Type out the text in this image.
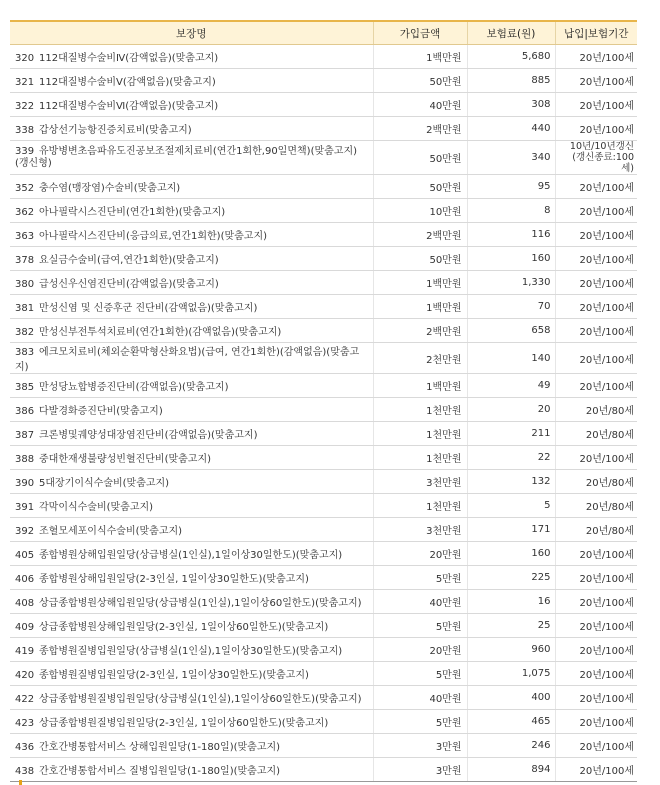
보장명	가입금액	보험료(원)	납입|보험기간
320 112대질병수술비Ⅳ(감액없음)(맞춤고지)	1백만원	5,680	20년/100세
321 112대질병수술비Ⅴ(감액없음)(맞춤고지)	50만원	885	20년/100세
322 112대질병수술비Ⅵ(감액없음)(맞춤고지)	40만원	308	20년/100세
338 갑상선기능항진증치료비(맞춤고지)	2백만원	440	20년/100세
339 유방병변초음파유도진공보조절제치료비(연간1회한,90일면책)(맞춤고지)(갱신형)	50만원	340	10년/10년갱신(갱신종료:100세)
352 충수염(맹장염)수술비(맞춤고지)	50만원	95	20년/100세
362 아나필락시스진단비(연간1회한)(맞춤고지)	10만원	8	20년/100세
363 아나필락시스진단비(응급의료,연간1회한)(맞춤고지)	2백만원	116	20년/100세
378 요실금수술비(급여,연간1회한)(맞춤고지)	50만원	160	20년/100세
380 급성신우신염진단비(감액없음)(맞춤고지)	1백만원	1,330	20년/100세
381 만성신염 및 신증후군 진단비(감액없음)(맞춤고지)	1백만원	70	20년/100세
382 만성신부전투석치료비(연간1회한)(감액없음)(맞춤고지)	2백만원	658	20년/100세
383 에크모치료비(체외순환막형산화요법)(급여, 연간1회한)(감액없음)(맞춤고지)	2천만원	140	20년/100세
385 만성당뇨합병증진단비(감액없음)(맞춤고지)	1백만원	49	20년/100세
386 다발경화증진단비(맞춤고지)	1천만원	20	20년/80세
387 크론병및궤양성대장염진단비(감액없음)(맞춤고지)	1천만원	211	20년/80세
388 중대한재생불량성빈혈진단비(맞춤고지)	1천만원	22	20년/100세
390 5대장기이식수술비(맞춤고지)	3천만원	132	20년/80세
391 각막이식수술비(맞춤고지)	1천만원	5	20년/80세
392 조혈모세포이식수술비(맞춤고지)	3천만원	171	20년/80세
405 종합병원상해입원일당(상급병실(1인실),1일이상30일한도)(맞춤고지)	20만원	160	20년/100세
406 종합병원상해입원일당(2-3인실, 1일이상30일한도)(맞춤고지)	5만원	225	20년/100세
408 상급종합병원상해입원일당(상급병실(1인실),1일이상60일한도)(맞춤고지)	40만원	16	20년/100세
409 상급종합병원상해입원일당(2-3인실, 1일이상60일한도)(맞춤고지)	5만원	25	20년/100세
419 종합병원질병입원일당(상급병실(1인실),1일이상30일한도)(맞춤고지)	20만원	960	20년/100세
420 종합병원질병입원일당(2-3인실, 1일이상30일한도)(맞춤고지)	5만원	1,075	20년/100세
422 상급종합병원질병입원일당(상급병실(1인실),1일이상60일한도)(맞춤고지)	40만원	400	20년/100세
423 상급종합병원질병입원일당(2-3인실, 1일이상60일한도)(맞춤고지)	5만원	465	20년/100세
436 간호간병통합서비스 상해입원일당(1-180일)(맞춤고지)	3만원	246	20년/100세
438 간호간병통합서비스 질병입원일당(1-180일)(맞춤고지)	3만원	894	20년/100세
